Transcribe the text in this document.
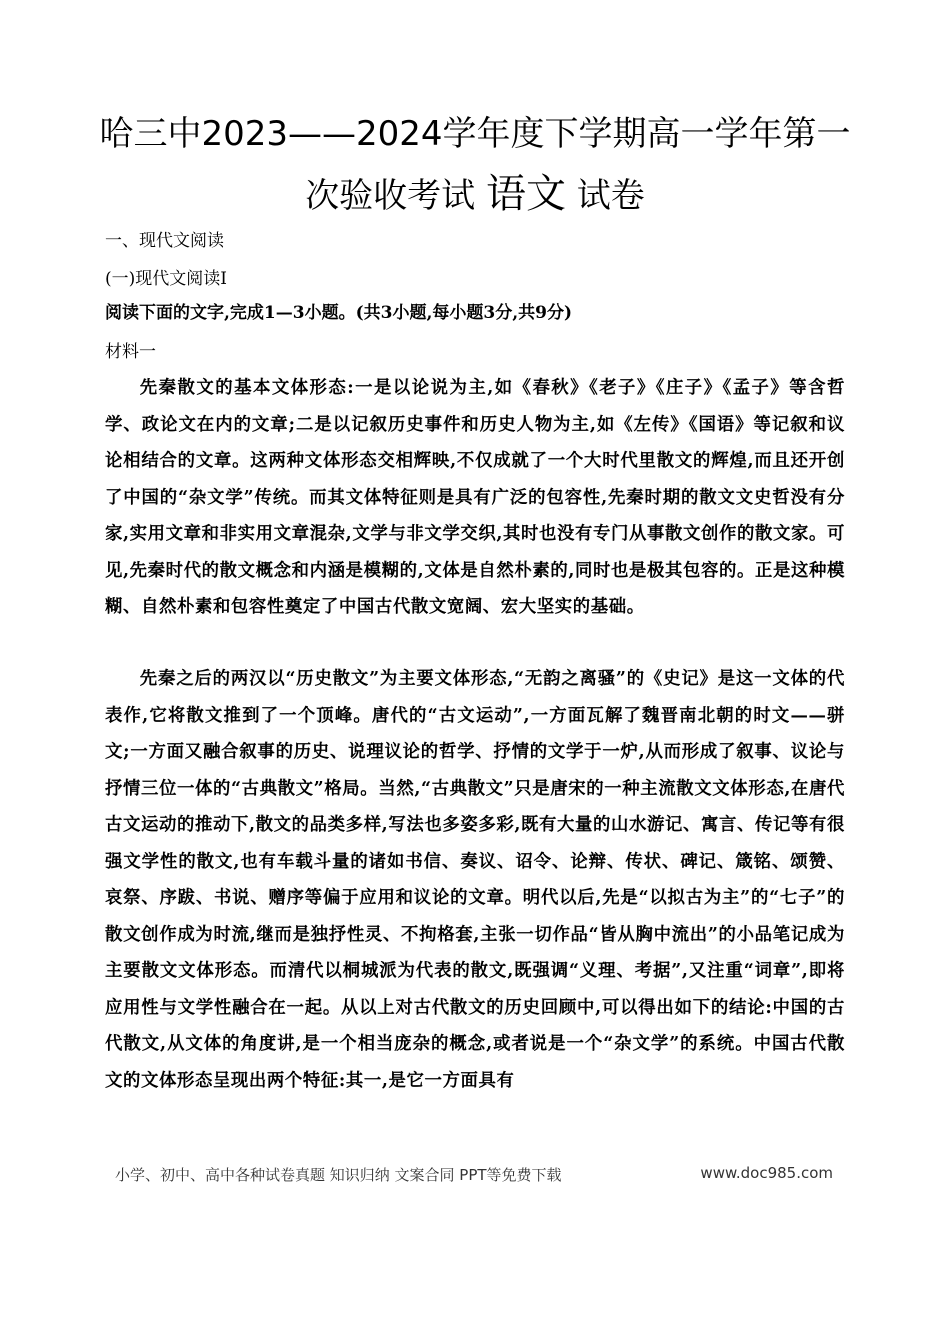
哈三中2023——2024学年度下学期高一学年第一
次验收考试 语文 试卷
一、现代文阅读
(一)现代文阅读Ⅰ
阅读下面的文字,完成1—3小题。(共3小题,每小题3分,共9分)
材料一

先秦散文的基本文体形态:一是以论说为主,如《春秋》《老子》《庄子》《孟子》等含哲学、政论文在内的文章;二是以记叙历史事件和历史人物为主,如《左传》《国语》等记叙和议论相结合的文章。这两种文体形态交相辉映,不仅成就了一个大时代里散文的辉煌,而且还开创了中国的“杂文学”传统。而其文体特征则是具有广泛的包容性,先秦时期的散文文史哲没有分家,实用文章和非实用文章混杂,文学与非文学交织,其时也没有专门从事散文创作的散文家。可见,先秦时代的散文概念和内涵是模糊的,文体是自然朴素的,同时也是极其包容的。正是这种模糊、自然朴素和包容性奠定了中国古代散文宽阔、宏大坚实的基础。

先秦之后的两汉以“历史散文”为主要文体形态,“无韵之离骚”的《史记》是这一文体的代表作,它将散文推到了一个顶峰。唐代的“古文运动”,一方面瓦解了魏晋南北朝的时文——骈文;一方面又融合叙事的历史、说理议论的哲学、抒情的文学于一炉,从而形成了叙事、议论与抒情三位一体的“古典散文”格局。当然,“古典散文”只是唐宋的一种主流散文文体形态,在唐代古文运动的推动下,散文的品类多样,写法也多姿多彩,既有大量的山水游记、寓言、传记等有很强文学性的散文,也有车载斗量的诸如书信、奏议、诏令、论辩、传状、碑记、箴铭、颂赞、哀祭、序跋、书说、赠序等偏于应用和议论的文章。明代以后,先是“以拟古为主”的“七子”的散文创作成为时流,继而是独抒性灵、不拘格套,主张一切作品“皆从胸中流出”的小品笔记成为主要散文文体形态。而清代以桐城派为代表的散文,既强调“义理、考据”,又注重“词章”,即将应用性与文学性融合在一起。从以上对古代散文的历史回顾中,可以得出如下的结论:中国的古代散文,从文体的角度讲,是一个相当庞杂的概念,或者说是一个“杂文学”的系统。中国古代散文的文体形态呈现出两个特征:其一,是它一方面具有

小学、初中、高中各种试卷真题 知识归纳 文案合同 PPT等免费下载	www.doc985.com
